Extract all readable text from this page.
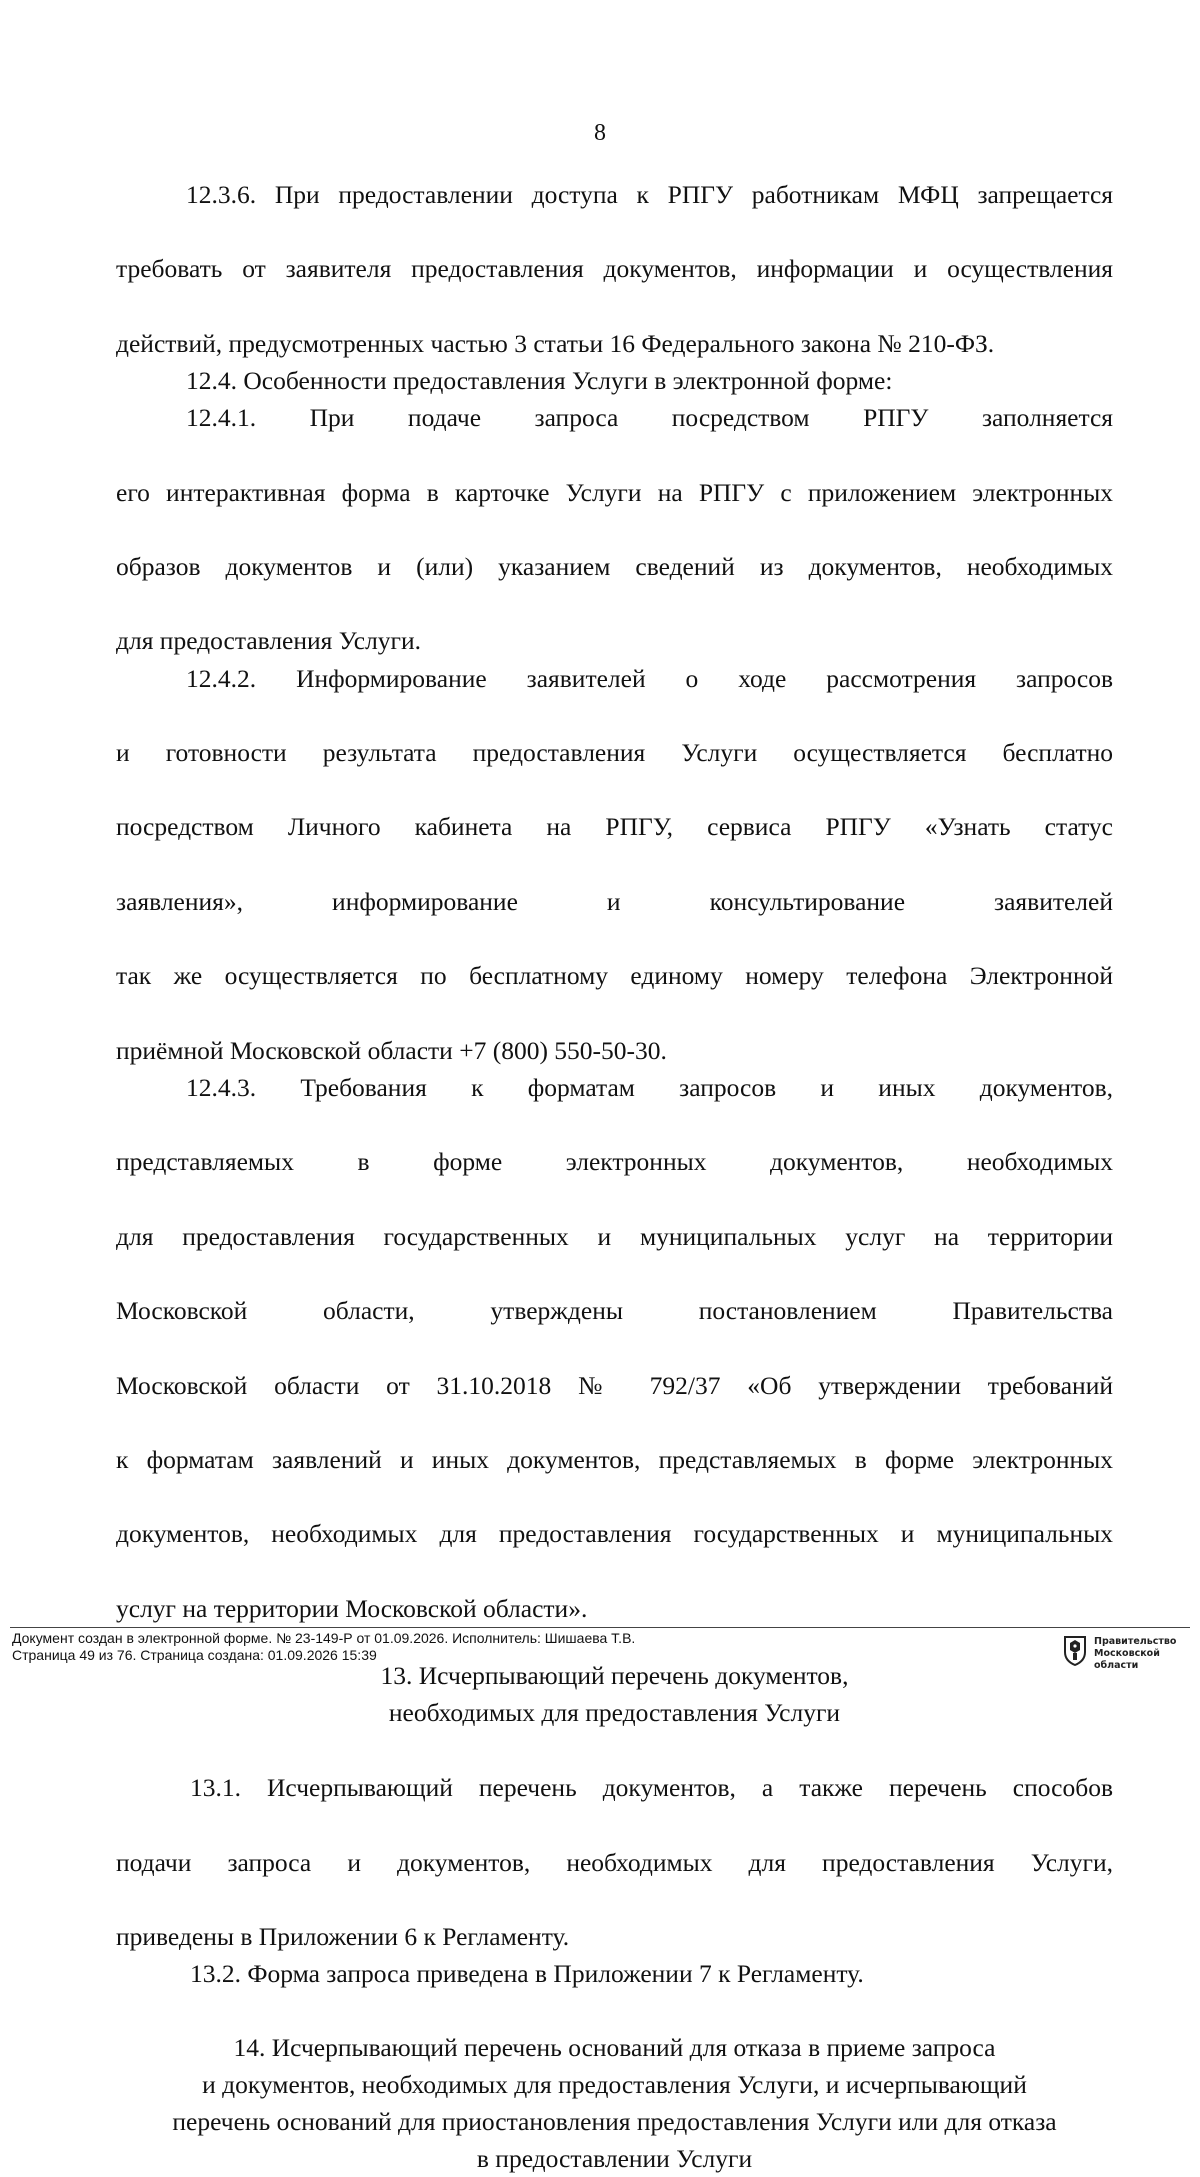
8

12.3.6. При предоставлении доступа к РПГУ работникам МФЦ запрещается

требовать от заявителя предоставления документов, информации и осуществления

действий, предусмотренных частью 3 статьи 16 Федерального закона № 210-ФЗ.

12.4. Особенности предоставления Услуги в электронной форме:

12.4.1. При подаче запроса посредством РПГУ заполняется

его интерактивная форма в карточке Услуги на РПГУ с приложением электронных

образов документов и (или) указанием сведений из документов, необходимых

для предоставления Услуги.

12.4.2. Информирование заявителей о ходе рассмотрения запросов

и готовности результата предоставления Услуги осуществляется бесплатно

посредством Личного кабинета на РПГУ, сервиса РПГУ «Узнать статус

заявления», информирование и консультирование заявителей

так же осуществляется по бесплатному единому номеру телефона Электронной

приёмной Московской области +7 (800) 550-50-30.

12.4.3. Требования к форматам запросов и иных документов,

представляемых в форме электронных документов, необходимых

для предоставления государственных и муниципальных услуг на территории

Московской области, утверждены постановлением Правительства

Московской области от 31.10.2018 № 792/37 «Об утверждении требований

к форматам заявлений и иных документов, представляемых в форме электронных

документов, необходимых для предоставления государственных и муниципальных

услуг на территории Московской области».

13. Исчерпывающий перечень документов,

необходимых для предоставления Услуги

13.1. Исчерпывающий перечень документов, а также перечень способов

подачи запроса и документов, необходимых для предоставления Услуги,

приведены в Приложении 6 к Регламенту.

13.2. Форма запроса приведена в Приложении 7 к Регламенту.

14. Исчерпывающий перечень оснований для отказа в приеме запроса

и документов, необходимых для предоставления Услуги, и исчерпывающий

перечень оснований для приостановления предоставления Услуги или для отказа

в предоставлении Услуги

Документ создан в электронной форме. № 23-149-Р от 01.09.2026. Исполнитель: Шишаева Т.В.
Страница 49 из 76. Страница создана: 01.09.2026 15:39
Правительство
Московской области
